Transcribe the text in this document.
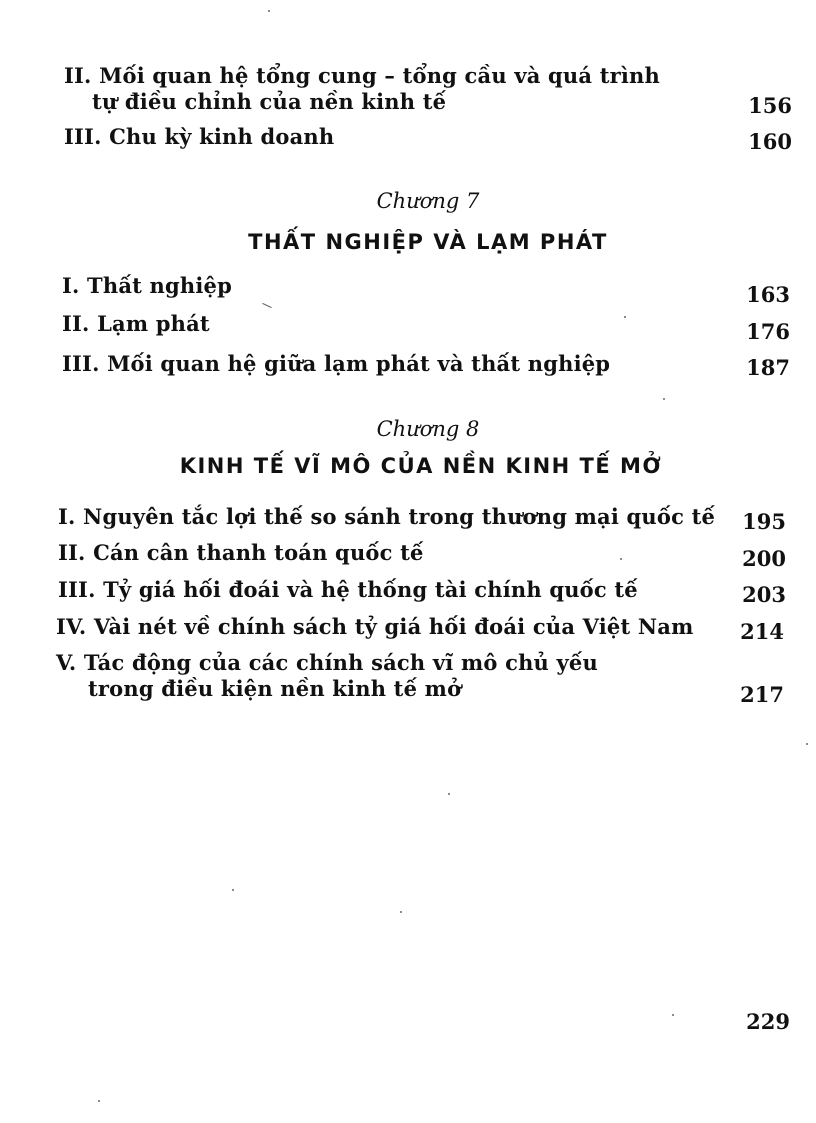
II. Mối quan hệ tổng cung – tổng cầu và quá trình
tự điều chỉnh của nền kinh tế	156
III. Chu kỳ kinh doanh	160
Chương 7
THẤT NGHIỆP VÀ LẠM PHÁT
I. Thất nghiệp	163
II. Lạm phát	176
III. Mối quan hệ giữa lạm phát và thất nghiệp	187
Chương 8
KINH TẾ VĨ MÔ CỦA NỀN KINH TẾ MỞ
I. Nguyên tắc lợi thế so sánh trong thương mại quốc tế	195
II. Cán cân thanh toán quốc tế	200
III. Tỷ giá hối đoái và hệ thống tài chính quốc tế	203
IV. Vài nét về chính sách tỷ giá hối đoái của Việt Nam	214
V. Tác động của các chính sách vĩ mô chủ yếu
trong điều kiện nền kinh tế mở	217
229
